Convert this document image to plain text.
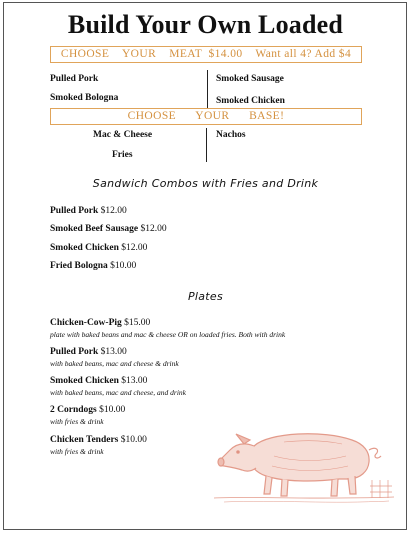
Build Your Own Loaded
CHOOSE    YOUR    MEAT  $14.00    Want all 4? Add $4
Pulled Pork
Smoked Bologna
Smoked Sausage
Smoked Chicken
CHOOSE      YOUR      BASE!
Mac & Cheese
Fries
Nachos
Sandwich Combos with Fries and Drink
Pulled Pork $12.00
Smoked Beef Sausage $12.00
Smoked Chicken $12.00
Fried Bologna $10.00
Plates
Chicken-Cow-Pig $15.00
plate with baked beans and mac & cheese OR on loaded fries. Both with drink
Pulled Pork $13.00
with baked beans, mac and cheese & drink
Smoked Chicken $13.00
with baked beans, mac and cheese, and drink
2 Corndogs $10.00
with fries & drink
Chicken Tenders $10.00
with fries & drink
